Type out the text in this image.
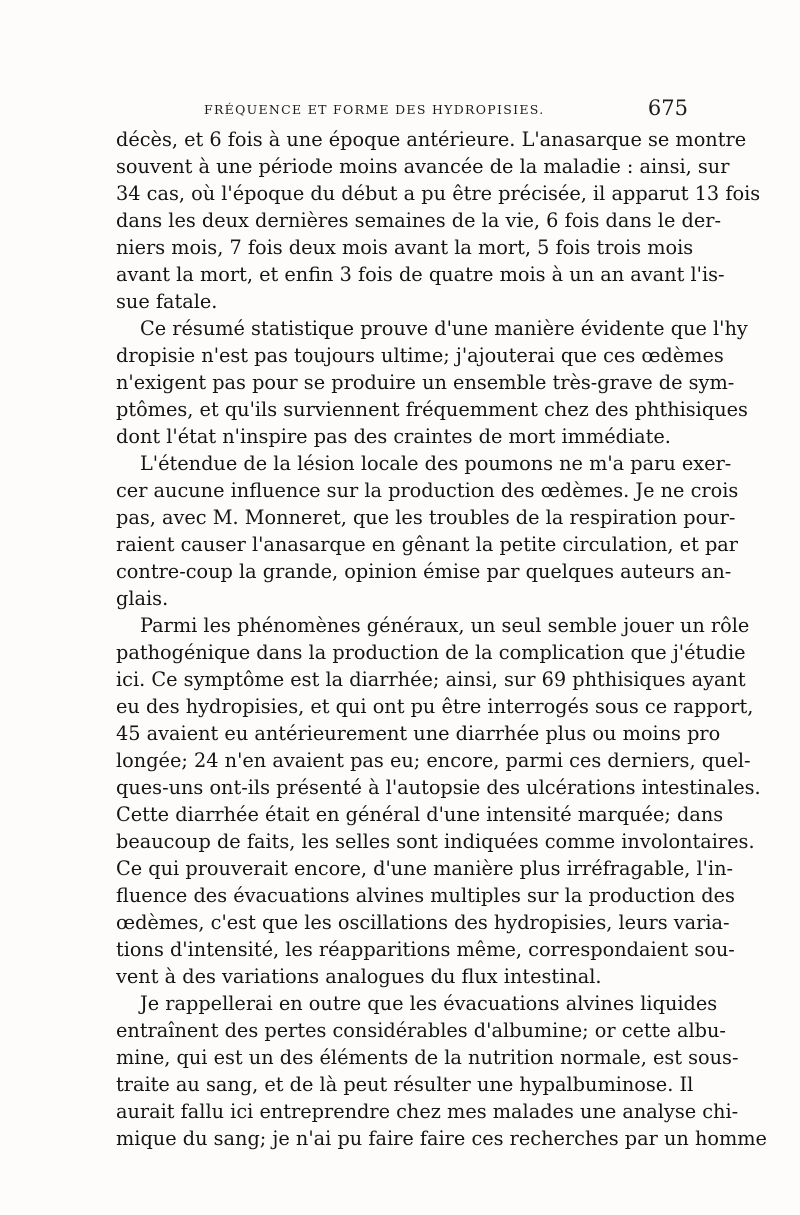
FRÉQUENCE ET FORME DES HYDROPISIES.	675
décès, et 6 fois à une époque antérieure. L'anasarque se montre
souvent à une période moins avancée de la maladie : ainsi, sur
34 cas, où l'époque du début a pu être précisée, il apparut 13 fois
dans les deux dernières semaines de la vie, 6 fois dans le der-
niers mois, 7 fois deux mois avant la mort, 5 fois trois mois
avant la mort, et enfin 3 fois de quatre mois à un an avant l'is-
sue fatale.
Ce résumé statistique prouve d'une manière évidente que l'hy
dropisie n'est pas toujours ultime; j'ajouterai que ces œdèmes
n'exigent pas pour se produire un ensemble très-grave de sym-
ptômes, et qu'ils surviennent fréquemment chez des phthisiques
dont l'état n'inspire pas des craintes de mort immédiate.
L'étendue de la lésion locale des poumons ne m'a paru exer-
cer aucune influence sur la production des œdèmes. Je ne crois
pas, avec M. Monneret, que les troubles de la respiration pour-
raient causer l'anasarque en gênant la petite circulation, et par
contre-coup la grande, opinion émise par quelques auteurs an-
glais.
Parmi les phénomènes généraux, un seul semble jouer un rôle
pathogénique dans la production de la complication que j'étudie
ici. Ce symptôme est la diarrhée; ainsi, sur 69 phthisiques ayant
eu des hydropisies, et qui ont pu être interrogés sous ce rapport,
45 avaient eu antérieurement une diarrhée plus ou moins pro
longée; 24 n'en avaient pas eu; encore, parmi ces derniers, quel-
ques-uns ont-ils présenté à l'autopsie des ulcérations intestinales.
Cette diarrhée était en général d'une intensité marquée; dans
beaucoup de faits, les selles sont indiquées comme involontaires.
Ce qui prouverait encore, d'une manière plus irréfragable, l'in-
fluence des évacuations alvines multiples sur la production des
œdèmes, c'est que les oscillations des hydropisies, leurs varia-
tions d'intensité, les réapparitions même, correspondaient sou-
vent à des variations analogues du flux intestinal.
Je rappellerai en outre que les évacuations alvines liquides
entraînent des pertes considérables d'albumine; or cette albu-
mine, qui est un des éléments de la nutrition normale, est sous-
traite au sang, et de là peut résulter une hypalbuminose. Il
aurait fallu ici entreprendre chez mes malades une analyse chi-
mique du sang; je n'ai pu faire faire ces recherches par un homme
